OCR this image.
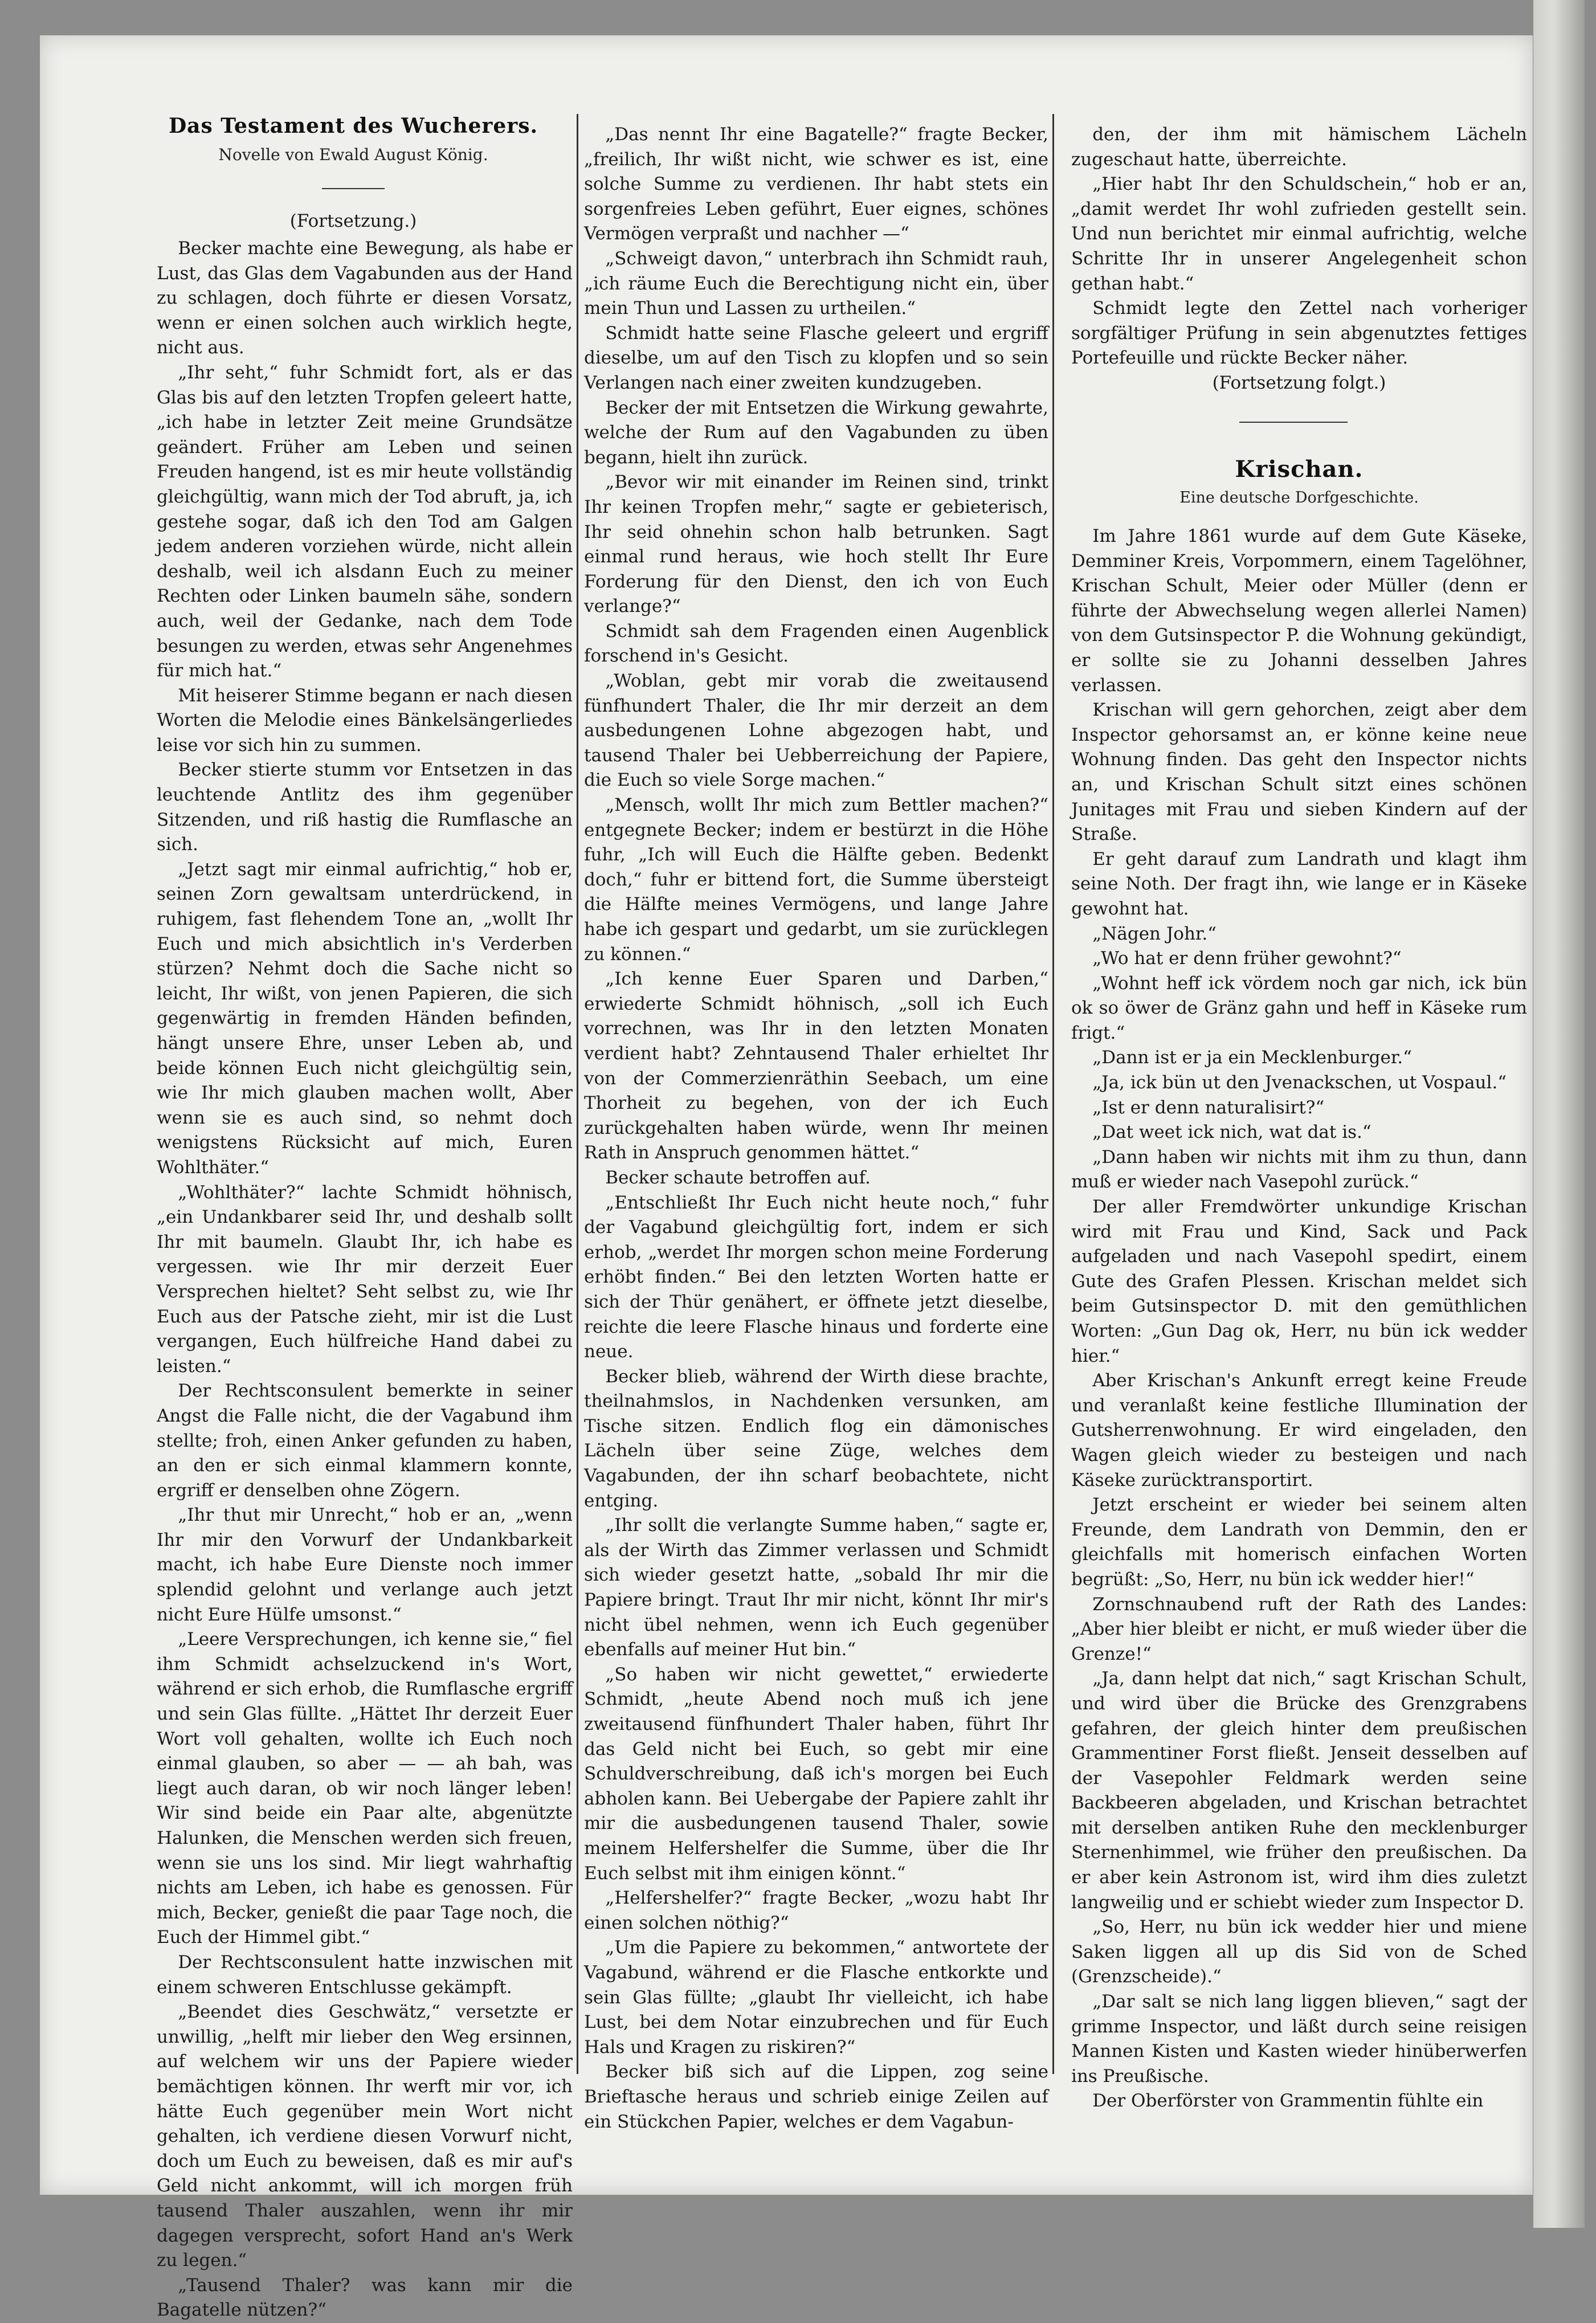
Das Testament des Wucherers.
Novelle von Ewald August König.
(Fortsetzung.)

Becker machte eine Bewegung, als habe er Lust, das Glas dem Vagabunden aus der Hand zu schlagen, doch führte er diesen Vorsatz, wenn er einen solchen auch wirklich hegte, nicht aus.

„Ihr seht,“ fuhr Schmidt fort, als er das Glas bis auf den letzten Tropfen geleert hatte, „ich habe in letzter Zeit meine Grundsätze geändert. Früher am Leben und seinen Freuden hangend, ist es mir heute vollständig gleichgültig, wann mich der Tod abruft, ja, ich gestehe sogar, daß ich den Tod am Galgen jedem anderen vorziehen würde, nicht allein deshalb, weil ich alsdann Euch zu meiner Rechten oder Linken baumeln sähe, sondern auch, weil der Gedanke, nach dem Tode besungen zu werden, etwas sehr Angenehmes für mich hat.“

Mit heiserer Stimme begann er nach diesen Worten die Melodie eines Bänkelsängerliedes leise vor sich hin zu summen.

Becker stierte stumm vor Entsetzen in das leuchtende Antlitz des ihm gegenüber Sitzenden, und riß hastig die Rumflasche an sich.

„Jetzt sagt mir einmal aufrichtig,“ hob er, seinen Zorn gewaltsam unterdrückend, in ruhigem, fast flehendem Tone an, „wollt Ihr Euch und mich absichtlich in's Verderben stürzen? Nehmt doch die Sache nicht so leicht, Ihr wißt, von jenen Papieren, die sich gegenwärtig in fremden Händen befinden, hängt unsere Ehre, unser Leben ab, und beide können Euch nicht gleichgültig sein, wie Ihr mich glauben machen wollt, Aber wenn sie es auch sind, so nehmt doch wenigstens Rücksicht auf mich, Euren Wohlthäter.“

„Wohlthäter?“ lachte Schmidt höhnisch, „ein Undankbarer seid Ihr, und deshalb sollt Ihr mit baumeln. Glaubt Ihr, ich habe es vergessen. wie Ihr mir derzeit Euer Versprechen hieltet? Seht selbst zu, wie Ihr Euch aus der Patsche zieht, mir ist die Lust vergangen, Euch hülfreiche Hand dabei zu leisten.“

Der Rechtsconsulent bemerkte in seiner Angst die Falle nicht, die der Vagabund ihm stellte; froh, einen Anker gefunden zu haben, an den er sich einmal klammern konnte, ergriff er denselben ohne Zögern.

„Ihr thut mir Unrecht,“ hob er an, „wenn Ihr mir den Vorwurf der Undankbarkeit macht, ich habe Eure Dienste noch immer splendid gelohnt und verlange auch jetzt nicht Eure Hülfe umsonst.“

„Leere Versprechungen, ich kenne sie,“ fiel ihm Schmidt achselzuckend in's Wort, während er sich erhob, die Rumflasche ergriff und sein Glas füllte. „Hättet Ihr derzeit Euer Wort voll gehalten, wollte ich Euch noch einmal glauben, so aber — — ah bah, was liegt auch daran, ob wir noch länger leben! Wir sind beide ein Paar alte, abgenützte Halunken, die Menschen werden sich freuen, wenn sie uns los sind. Mir liegt wahrhaftig nichts am Leben, ich habe es genossen. Für mich, Becker, genießt die paar Tage noch, die Euch der Himmel gibt.“

Der Rechtsconsulent hatte inzwischen mit einem schweren Entschlusse gekämpft.

„Beendet dies Geschwätz,“ versetzte er unwillig, „helft mir lieber den Weg ersinnen, auf welchem wir uns der Papiere wieder bemächtigen können. Ihr werft mir vor, ich hätte Euch gegenüber mein Wort nicht gehalten, ich verdiene diesen Vorwurf nicht, doch um Euch zu beweisen, daß es mir auf's Geld nicht ankommt, will ich morgen früh tausend Thaler auszahlen, wenn ihr mir dagegen versprecht, sofort Hand an's Werk zu legen.“

„Tausend Thaler? was kann mir die Bagatelle nützen?“

„Das nennt Ihr eine Bagatelle?“ fragte Becker, „freilich, Ihr wißt nicht, wie schwer es ist, eine solche Summe zu verdienen. Ihr habt stets ein sorgenfreies Leben geführt, Euer eignes, schönes Vermögen verpraßt und nachher —“

„Schweigt davon,“ unterbrach ihn Schmidt rauh, „ich räume Euch die Berechtigung nicht ein, über mein Thun und Lassen zu urtheilen.“

Schmidt hatte seine Flasche geleert und ergriff dieselbe, um auf den Tisch zu klopfen und so sein Verlangen nach einer zweiten kundzugeben.

Becker der mit Entsetzen die Wirkung gewahrte, welche der Rum auf den Vagabunden zu üben begann, hielt ihn zurück.

„Bevor wir mit einander im Reinen sind, trinkt Ihr keinen Tropfen mehr,“ sagte er gebieterisch, Ihr seid ohnehin schon halb betrunken. Sagt einmal rund heraus, wie hoch stellt Ihr Eure Forderung für den Dienst, den ich von Euch verlange?“

Schmidt sah dem Fragenden einen Augenblick forschend in's Gesicht.

„Woblan, gebt mir vorab die zweitausend fünfhundert Thaler, die Ihr mir derzeit an dem ausbedungenen Lohne abgezogen habt, und tausend Thaler bei Uebberreichung der Papiere, die Euch so viele Sorge machen.“

„Mensch, wollt Ihr mich zum Bettler machen?“ entgegnete Becker; indem er bestürzt in die Höhe fuhr, „Ich will Euch die Hälfte geben. Bedenkt doch,“ fuhr er bittend fort, die Summe übersteigt die Hälfte meines Vermögens, und lange Jahre habe ich gespart und gedarbt, um sie zurücklegen zu können.“

„Ich kenne Euer Sparen und Darben,“ erwiederte Schmidt höhnisch, „soll ich Euch vorrechnen, was Ihr in den letzten Monaten verdient habt? Zehntausend Thaler erhieltet Ihr von der Commerzienräthin Seebach, um eine Thorheit zu begehen, von der ich Euch zurückgehalten haben würde, wenn Ihr meinen Rath in Anspruch genommen hättet.“

Becker schaute betroffen auf.

„Entschließt Ihr Euch nicht heute noch,“ fuhr der Vagabund gleichgültig fort, indem er sich erhob, „werdet Ihr morgen schon meine Forderung erhöbt finden.“ Bei den letzten Worten hatte er sich der Thür genähert, er öffnete jetzt dieselbe, reichte die leere Flasche hinaus und forderte eine neue.

Becker blieb, während der Wirth diese brachte, theilnahmslos, in Nachdenken versunken, am Tische sitzen. Endlich flog ein dämonisches Lächeln über seine Züge, welches dem Vagabunden, der ihn scharf beobachtete, nicht entging.

„Ihr sollt die verlangte Summe haben,“ sagte er, als der Wirth das Zimmer verlassen und Schmidt sich wieder gesetzt hatte, „sobald Ihr mir die Papiere bringt. Traut Ihr mir nicht, könnt Ihr mir's nicht übel nehmen, wenn ich Euch gegenüber ebenfalls auf meiner Hut bin.“

„So haben wir nicht gewettet,“ erwiederte Schmidt, „heute Abend noch muß ich jene zweitausend fünfhundert Thaler haben, führt Ihr das Geld nicht bei Euch, so gebt mir eine Schuldverschreibung, daß ich's morgen bei Euch abholen kann. Bei Uebergabe der Papiere zahlt ihr mir die ausbedungenen tausend Thaler, sowie meinem Helfershelfer die Summe, über die Ihr Euch selbst mit ihm einigen könnt.“

„Helfershelfer?“ fragte Becker, „wozu habt Ihr einen solchen nöthig?“

„Um die Papiere zu bekommen,“ antwortete der Vagabund, während er die Flasche entkorkte und sein Glas füllte; „glaubt Ihr vielleicht, ich habe Lust, bei dem Notar einzubrechen und für Euch Hals und Kragen zu riskiren?“

Becker biß sich auf die Lippen, zog seine Brieftasche heraus und schrieb einige Zeilen auf ein Stückchen Papier, welches er dem Vagabun-

den, der ihm mit hämischem Lächeln zugeschaut hatte, überreichte.

„Hier habt Ihr den Schuldschein,“ hob er an, „damit werdet Ihr wohl zufrieden gestellt sein. Und nun berichtet mir einmal aufrichtig, welche Schritte Ihr in unserer Angelegenheit schon gethan habt.“

Schmidt legte den Zettel nach vorheriger sorgfältiger Prüfung in sein abgenutztes fettiges Portefeuille und rückte Becker näher.

(Fortsetzung folgt.)

Krischan.
Eine deutsche Dorfgeschichte.

Im Jahre 1861 wurde auf dem Gute Käseke, Demminer Kreis, Vorpommern, einem Tagelöhner, Krischan Schult, Meier oder Müller (denn er führte der Abwechselung wegen allerlei Namen) von dem Gutsinspector P. die Wohnung gekündigt, er sollte sie zu Johanni desselben Jahres verlassen.

Krischan will gern gehorchen, zeigt aber dem Inspector gehorsamst an, er könne keine neue Wohnung finden. Das geht den Inspector nichts an, und Krischan Schult sitzt eines schönen Junitages mit Frau und sieben Kindern auf der Straße.

Er geht darauf zum Landrath und klagt ihm seine Noth. Der fragt ihn, wie lange er in Käseke gewohnt hat.

„Nägen Johr.“

„Wo hat er denn früher gewohnt?“

„Wohnt heff ick vördem noch gar nich, ick bün ok so öwer de Gränz gahn und heff in Käseke rum frigt.“

„Dann ist er ja ein Mecklenburger.“

„Ja, ick bün ut den Jvenackschen, ut Vospaul.“

„Ist er denn naturalisirt?“

„Dat weet ick nich, wat dat is.“

„Dann haben wir nichts mit ihm zu thun, dann muß er wieder nach Vasepohl zurück.“

Der aller Fremdwörter unkundige Krischan wird mit Frau und Kind, Sack und Pack aufgeladen und nach Vasepohl spedirt, einem Gute des Grafen Plessen. Krischan meldet sich beim Gutsinspector D. mit den gemüthlichen Worten: „Gun Dag ok, Herr, nu bün ick wedder hier.“

Aber Krischan's Ankunft erregt keine Freude und veranlaßt keine festliche Illumination der Gutsherrenwohnung. Er wird eingeladen, den Wagen gleich wieder zu besteigen und nach Käseke zurücktransportirt.

Jetzt erscheint er wieder bei seinem alten Freunde, dem Landrath von Demmin, den er gleichfalls mit homerisch einfachen Worten begrüßt: „So, Herr, nu bün ick wedder hier!“

Zornschnaubend ruft der Rath des Landes: „Aber hier bleibt er nicht, er muß wieder über die Grenze!“

„Ja, dann helpt dat nich,“ sagt Krischan Schult, und wird über die Brücke des Grenzgrabens gefahren, der gleich hinter dem preußischen Grammentiner Forst fließt. Jenseit desselben auf der Vasepohler Feldmark werden seine Backbeeren abgeladen, und Krischan betrachtet mit derselben antiken Ruhe den mecklenburger Sternenhimmel, wie früher den preußischen. Da er aber kein Astronom ist, wird ihm dies zuletzt langweilig und er schiebt wieder zum Inspector D.

„So, Herr, nu bün ick wedder hier und miene Saken liggen all up dis Sid von de Sched (Grenzscheide).“

„Dar salt se nich lang liggen blieven,“ sagt der grimme Inspector, und läßt durch seine reisigen Mannen Kisten und Kasten wieder hinüberwerfen ins Preußische.

Der Oberförster von Grammentin fühlte ein
